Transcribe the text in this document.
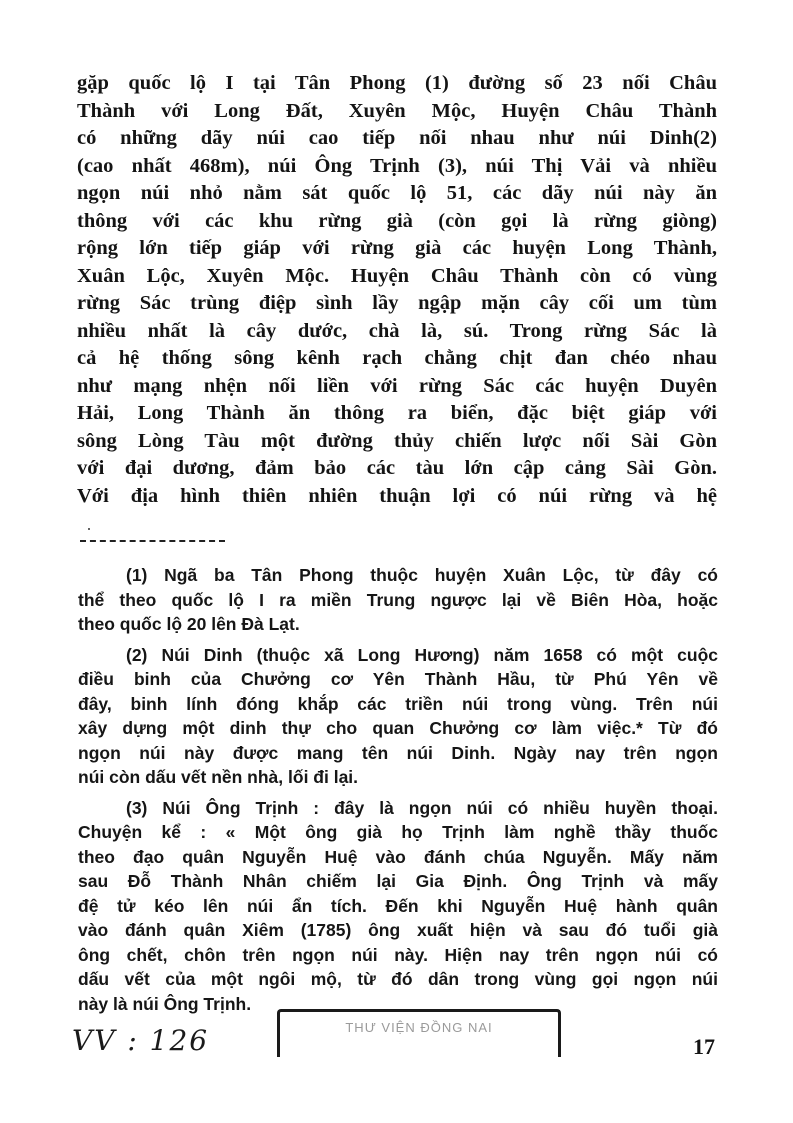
gặp quốc lộ I tại Tân Phong (1) đường số 23 nối Châu
Thành với Long Đất, Xuyên Mộc, Huyện Châu Thành
có những dãy núi cao tiếp nối nhau như núi Dinh(2)
(cao nhất 468m), núi Ông Trịnh (3), núi Thị Vải và nhiều
ngọn núi nhỏ nằm sát quốc lộ 51, các dãy núi này ăn
thông với các khu rừng già (còn gọi là rừng giòng)
rộng lớn tiếp giáp với rừng già các huyện Long Thành,
Xuân Lộc, Xuyên Mộc. Huyện Châu Thành còn có vùng
rừng Sác trùng điệp sình lầy ngập mặn cây cối um tùm
nhiều nhất là cây dước, chà là, sú. Trong rừng Sác là
cả hệ thống sông kênh rạch chằng chịt đan chéo nhau
như mạng nhện nối liền với rừng Sác các huyện Duyên
Hải, Long Thành ăn thông ra biển, đặc biệt giáp với
sông Lòng Tàu một đường thủy chiến lược nối Sài Gòn
với đại dương, đảm bảo các tàu lớn cập cảng Sài Gòn.
Với địa hình thiên nhiên thuận lợi có núi rừng và hệ
(1) Ngã ba Tân Phong thuộc huyện Xuân Lộc, từ đây có
thể theo quốc lộ I ra miền Trung ngược lại về Biên Hòa, hoặc
theo quốc lộ 20 lên Đà Lạt.
(2) Núi Dinh (thuộc xã Long Hương) năm 1658 có một cuộc
điều binh của Chưởng cơ Yên Thành Hầu, từ Phú Yên về
đây, binh lính đóng khắp các triền núi trong vùng. Trên núi
xây dựng một dinh thự cho quan Chưởng cơ làm việc.* Từ đó
ngọn núi này được mang tên núi Dinh. Ngày nay trên ngọn
núi còn dấu vết nền nhà, lối đi lại.
(3) Núi Ông Trịnh : đây là ngọn núi có nhiều huyền thoại.
Chuyện kể : « Một ông già họ Trịnh làm nghề thầy thuốc
theo đạo quân Nguyễn Huệ vào đánh chúa Nguyễn. Mấy năm
sau Đỗ Thành Nhân chiếm lại Gia Định. Ông Trịnh và mấy
đệ tử kéo lên núi ẩn tích. Đến khi Nguyễn Huệ hành quân
vào đánh quân Xiêm (1785) ông xuất hiện và sau đó tuổi già
ông chết, chôn trên ngọn núi này. Hiện nay trên ngọn núi có
dấu vết của một ngôi mộ, từ đó dân trong vùng gọi ngọn núi
này là núi Ông Trịnh.
VV : 126	THƯ VIỆN ĐỒNG NAI
17
